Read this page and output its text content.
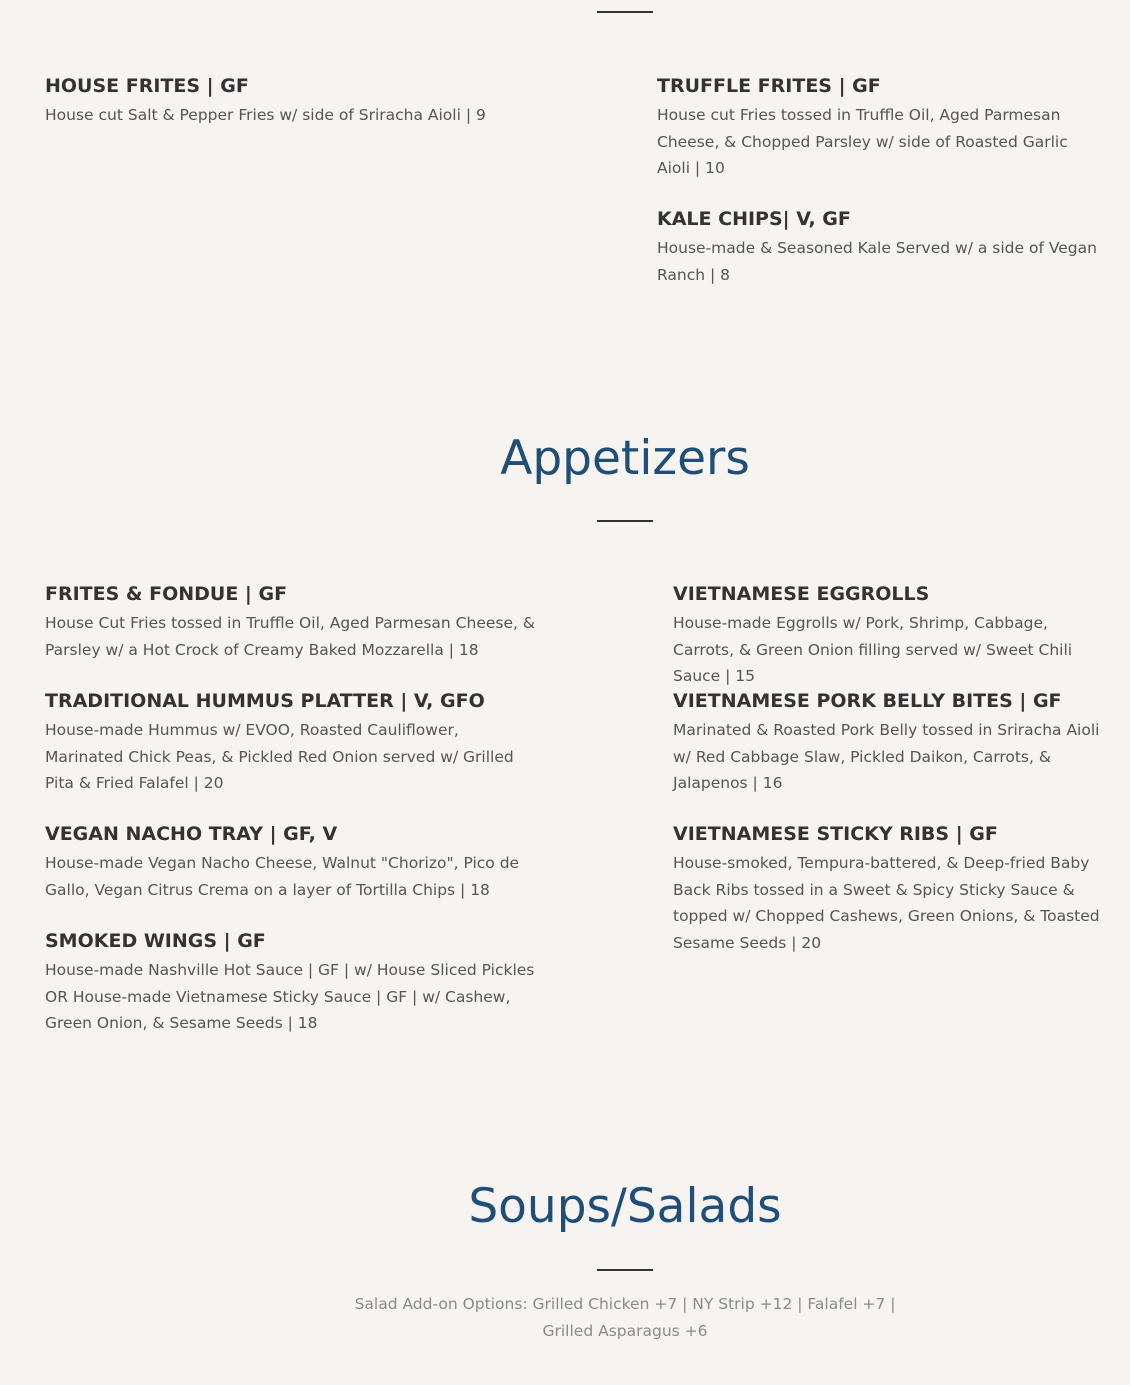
HOUSE FRITES | GF
House cut Salt & Pepper Fries w/ side of Sriracha Aioli | 9
TRUFFLE FRITES | GF
House cut Fries tossed in Truffle Oil, Aged Parmesan Cheese, & Chopped Parsley w/ side of Roasted Garlic Aioli | 10
KALE CHIPS| V, GF
House-made & Seasoned Kale Served w/ a side of Vegan Ranch | 8
Appetizers
FRITES & FONDUE | GF
House Cut Fries tossed in Truffle Oil, Aged Parmesan Cheese, & Parsley w/ a Hot Crock of Creamy Baked Mozzarella | 18
VIETNAMESE EGGROLLS
House-made Eggrolls w/ Pork, Shrimp, Cabbage, Carrots, & Green Onion filling served w/ Sweet Chili Sauce | 15
TRADITIONAL HUMMUS PLATTER | V, GFO
House-made Hummus w/ EVOO, Roasted Cauliflower, Marinated Chick Peas, & Pickled Red Onion served w/ Grilled Pita & Fried Falafel | 20
VIETNAMESE PORK BELLY BITES | GF
Marinated & Roasted Pork Belly tossed in Sriracha Aioli w/ Red Cabbage Slaw, Pickled Daikon, Carrots, & Jalapenos | 16
VEGAN NACHO TRAY | GF, V
House-made Vegan Nacho Cheese, Walnut "Chorizo", Pico de Gallo, Vegan Citrus Crema on a layer of Tortilla Chips | 18
VIETNAMESE STICKY RIBS | GF
House-smoked, Tempura-battered, & Deep-fried Baby Back Ribs tossed in a Sweet & Spicy Sticky Sauce & topped w/ Chopped Cashews, Green Onions, & Toasted Sesame Seeds | 20
SMOKED WINGS | GF
House-made Nashville Hot Sauce | GF | w/ House Sliced Pickles OR House-made Vietnamese Sticky Sauce | GF | w/ Cashew, Green Onion, & Sesame Seeds | 18
Soups/Salads
Salad Add-on Options: Grilled Chicken +7 | NY Strip +12 | Falafel +7 |
Grilled Asparagus +6
